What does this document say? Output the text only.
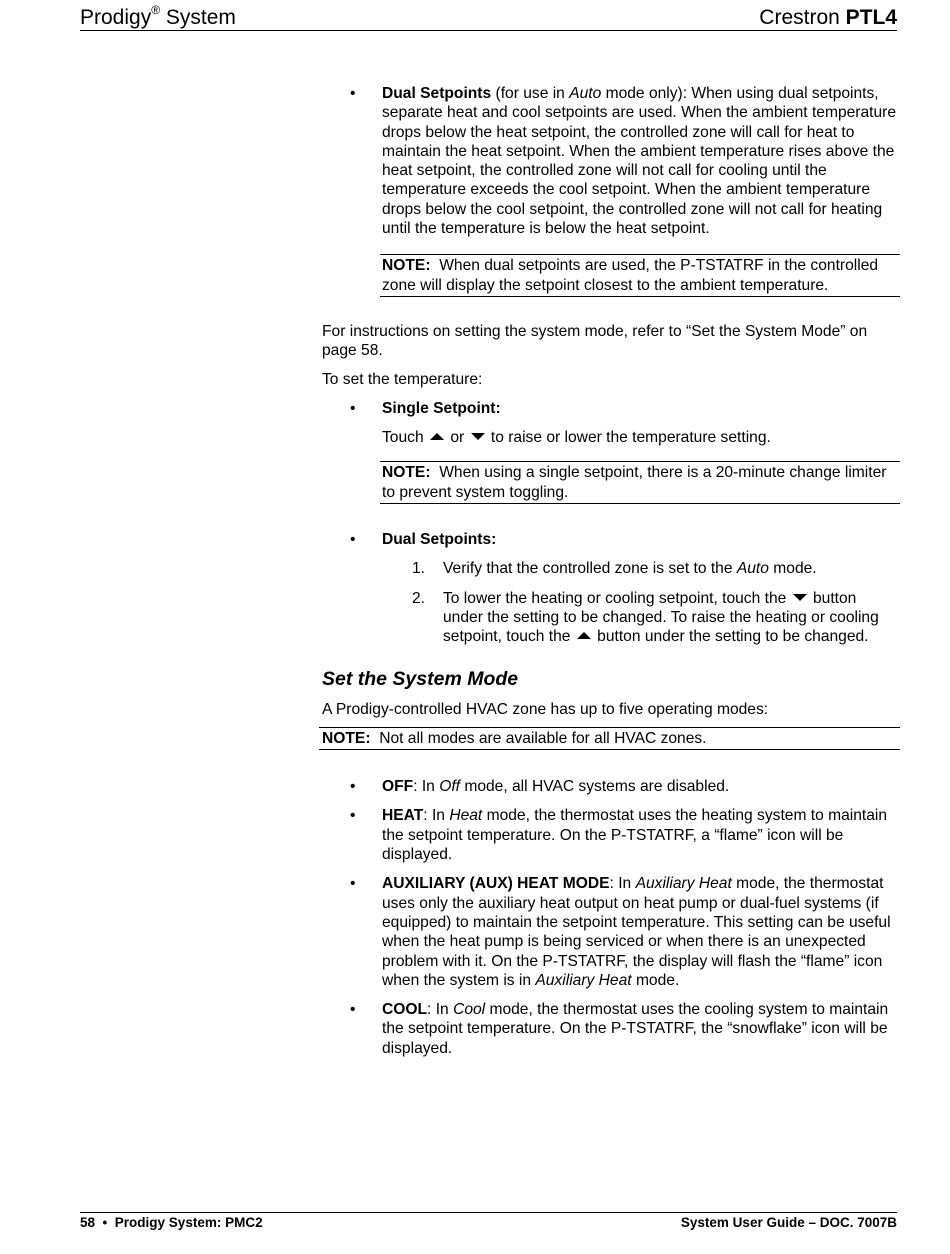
Prodigy® System	Crestron PTL4
• Dual Setpoints (for use in Auto mode only): When using dual setpoints, separate heat and cool setpoints are used. When the ambient temperature drops below the heat setpoint, the controlled zone will call for heat to maintain the heat setpoint. When the ambient temperature rises above the heat setpoint, the controlled zone will not call for cooling until the temperature exceeds the cool setpoint. When the ambient temperature drops below the cool setpoint, the controlled zone will not call for heating until the temperature is below the heat setpoint.

NOTE: When dual setpoints are used, the P-TSTATRF in the controlled zone will display the setpoint closest to the ambient temperature.

For instructions on setting the system mode, refer to “Set the System Mode” on page 58.

To set the temperature:

• Single Setpoint:

Touch or to raise or lower the temperature setting.

NOTE: When using a single setpoint, there is a 20-minute change limiter to prevent system toggling.
• Dual Setpoints:

1. Verify that the controlled zone is set to the Auto mode.

2. To lower the heating or cooling setpoint, touch the button under the setting to be changed. To raise the heating or cooling setpoint, touch the button under the setting to be changed.

Set the System Mode

A Prodigy-controlled HVAC zone has up to five operating modes:

NOTE: Not all modes are available for all HVAC zones.
• OFF: In Off mode, all HVAC systems are disabled.

• HEAT: In Heat mode, the thermostat uses the heating system to maintain the setpoint temperature. On the P-TSTATRF, a “flame” icon will be displayed.

• AUXILIARY (AUX) HEAT MODE: In Auxiliary Heat mode, the thermostat uses only the auxiliary heat output on heat pump or dual-fuel systems (if equipped) to maintain the setpoint temperature. This setting can be useful when the heat pump is being serviced or when there is an unexpected problem with it. On the P-TSTATRF, the display will flash the “flame” icon when the system is in Auxiliary Heat mode.

• COOL: In Cool mode, the thermostat uses the cooling system to maintain the setpoint temperature. On the P-TSTATRF, the “snowflake” icon will be displayed.

58 • Prodigy System: PMC2	System User Guide – DOC. 7007B
